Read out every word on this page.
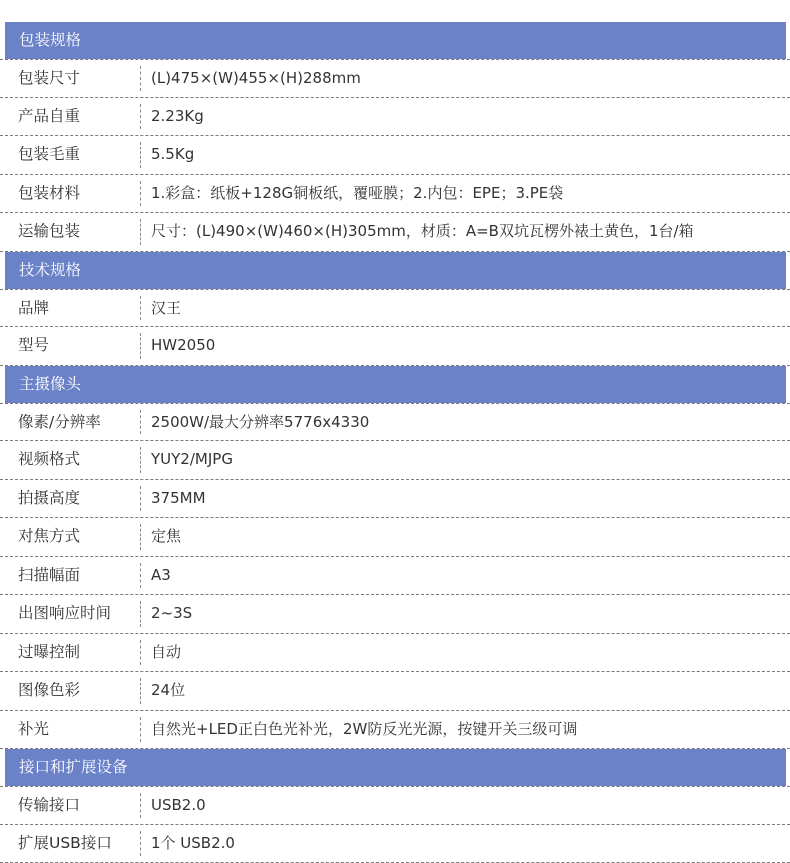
包装规格
包装尺寸	(L)475×(W)455×(H)288mm
产品自重	2.23Kg
包装毛重	5.5Kg
包装材料	1.彩盒：纸板+128G铜板纸，覆哑膜；2.内包：EPE；3.PE袋
运输包装	尺寸：(L)490×(W)460×(H)305mm，材质：A=B双坑瓦楞外裱土黄色，1台/箱
技术规格
品牌	汉王
型号	HW2050
主摄像头
像素/分辨率	2500W/最大分辨率5776x4330
视频格式	YUY2/MJPG
拍摄高度	375MM
对焦方式	定焦
扫描幅面	A3
出图响应时间	2~3S
过曝控制	自动
图像色彩	24位
补光	自然光+LED正白色光补光，2W防反光光源，按键开关三级可调
接口和扩展设备
传输接口	USB2.0
扩展USB接口	1个 USB2.0
